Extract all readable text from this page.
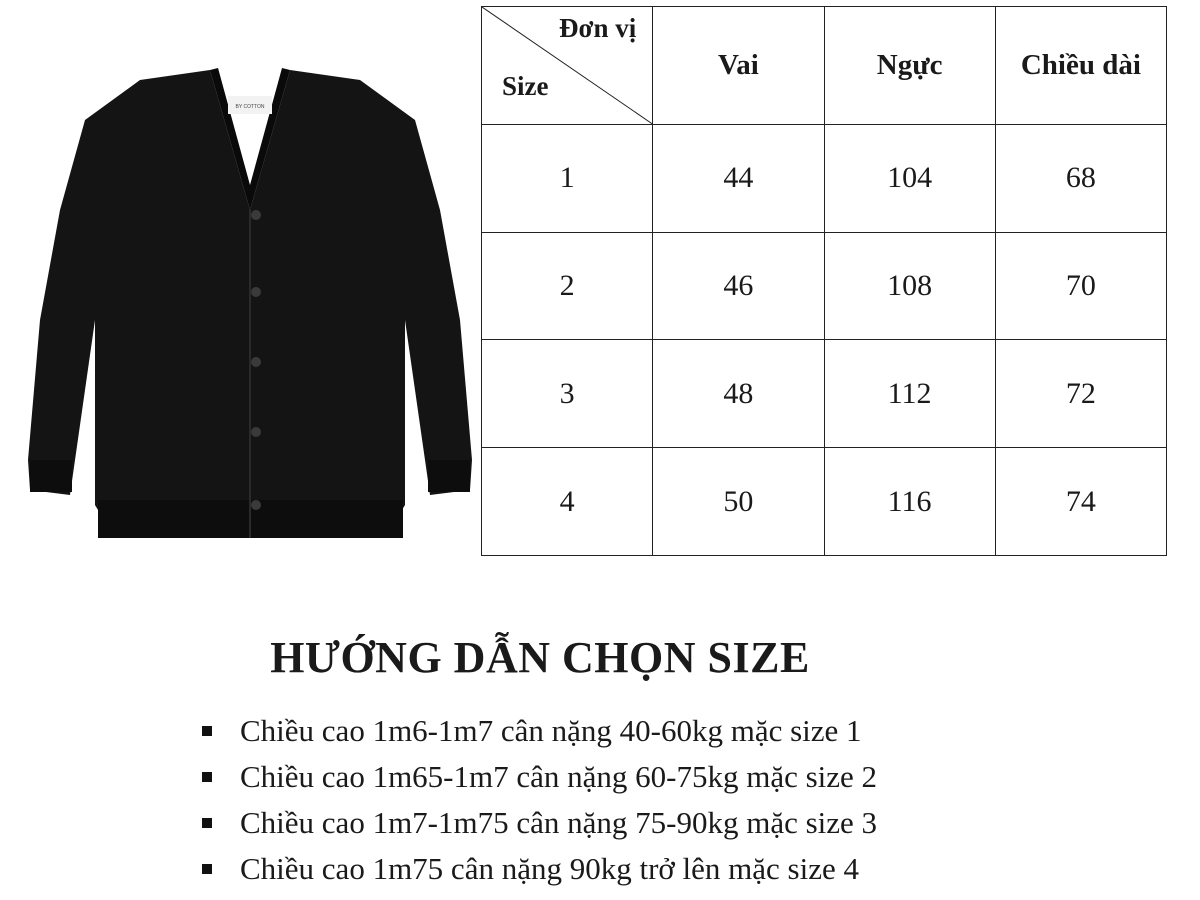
BY COTTON
Đơn vị
Size	Vai	Ngực	Chiều dài
1	44	104	68
2	46	108	70
3	48	112	72
4	50	116	74
HƯỚNG DẪN CHỌN SIZE
Chiều cao 1m6-1m7 cân nặng 40-60kg mặc size 1
Chiều cao 1m65-1m7 cân nặng 60-75kg mặc size 2
Chiều cao 1m7-1m75 cân nặng 75-90kg mặc size 3
Chiều cao 1m75 cân nặng 90kg trở lên mặc size 4
